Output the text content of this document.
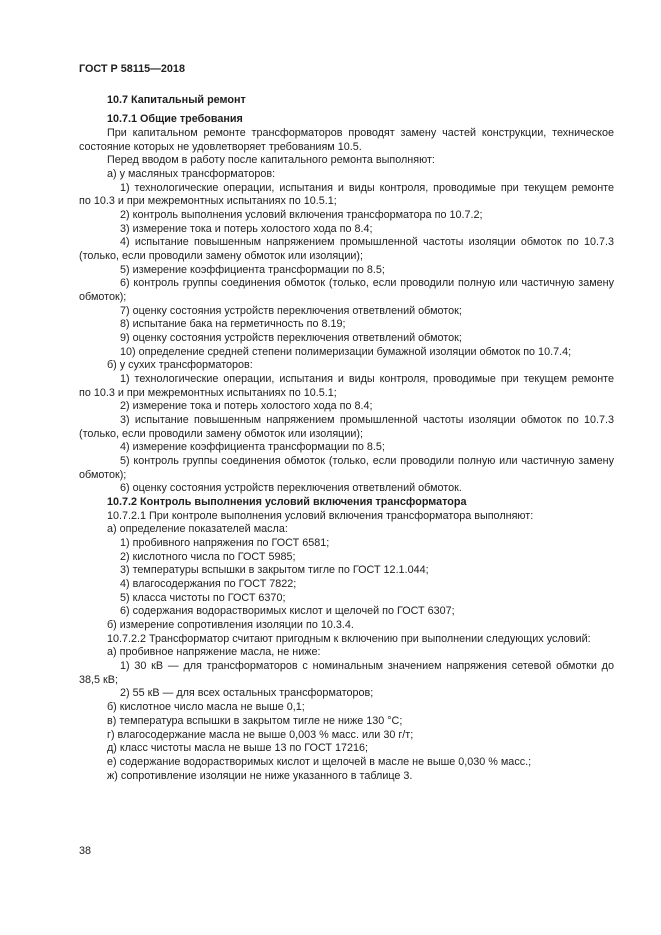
ГОСТ Р 58115—2018
10.7 Капитальный ремонт
10.7.1 Общие требования
При капитальном ремонте трансформаторов проводят замену частей конструкции, техническое
состояние которых не удовлетворяет требованиям 10.5.
Перед вводом в работу после капитального ремонта выполняют:
а) у масляных трансформаторов:
1) технологические операции, испытания и виды контроля, проводимые при текущем ремонте
по 10.3 и при межремонтных испытаниях по 10.5.1;
2) контроль выполнения условий включения трансформатора по 10.7.2;
3) измерение тока и потерь холостого хода по 8.4;
4) испытание повышенным напряжением промышленной частоты изоляции обмоток по 10.7.3
(только, если проводили замену обмоток или изоляции);
5) измерение коэффициента трансформации по 8.5;
6) контроль группы соединения обмоток (только, если проводили полную или частичную замену
обмоток);
7) оценку состояния устройств переключения ответвлений обмоток;
8) испытание бака на герметичность по 8.19;
9) оценку состояния устройств переключения ответвлений обмоток;
10) определение средней степени полимеризации бумажной изоляции обмоток по 10.7.4;
б) у сухих трансформаторов:
1) технологические операции, испытания и виды контроля, проводимые при текущем ремонте
по 10.3 и при межремонтных испытаниях по 10.5.1;
2) измерение тока и потерь холостого хода по 8.4;
3) испытание повышенным напряжением промышленной частоты изоляции обмоток по 10.7.3
(только, если проводили замену обмоток или изоляции);
4) измерение коэффициента трансформации по 8.5;
5) контроль группы соединения обмоток (только, если проводили полную или частичную замену
обмоток);
6) оценку состояния устройств переключения ответвлений обмоток.
10.7.2 Контроль выполнения условий включения трансформатора
10.7.2.1 При контроле выполнения условий включения трансформатора выполняют:
а) определение показателей масла:
1) пробивного напряжения по ГОСТ 6581;
2) кислотного числа по ГОСТ 5985;
3) температуры вспышки в закрытом тигле по ГОСТ 12.1.044;
4) влагосодержания по ГОСТ 7822;
5) класса чистоты по ГОСТ 6370;
6) содержания водорастворимых кислот и щелочей по ГОСТ 6307;
б) измерение сопротивления изоляции по 10.3.4.
10.7.2.2 Трансформатор считают пригодным к включению при выполнении следующих условий:
а) пробивное напряжение масла, не ниже:
1) 30 кВ — для трансформаторов с номинальным значением напряжения сетевой обмотки до
38,5 кВ;
2) 55 кВ — для всех остальных трансформаторов;
б) кислотное число масла не выше 0,1;
в) температура вспышки в закрытом тигле не ниже 130 °C;
г) влагосодержание масла не выше 0,003 % масс. или 30 г/т;
д) класс чистоты масла не выше 13 по ГОСТ 17216;
е) содержание водорастворимых кислот и щелочей в масле не выше 0,030 % масс.;
ж) сопротивление изоляции не ниже указанного в таблице 3.
38
